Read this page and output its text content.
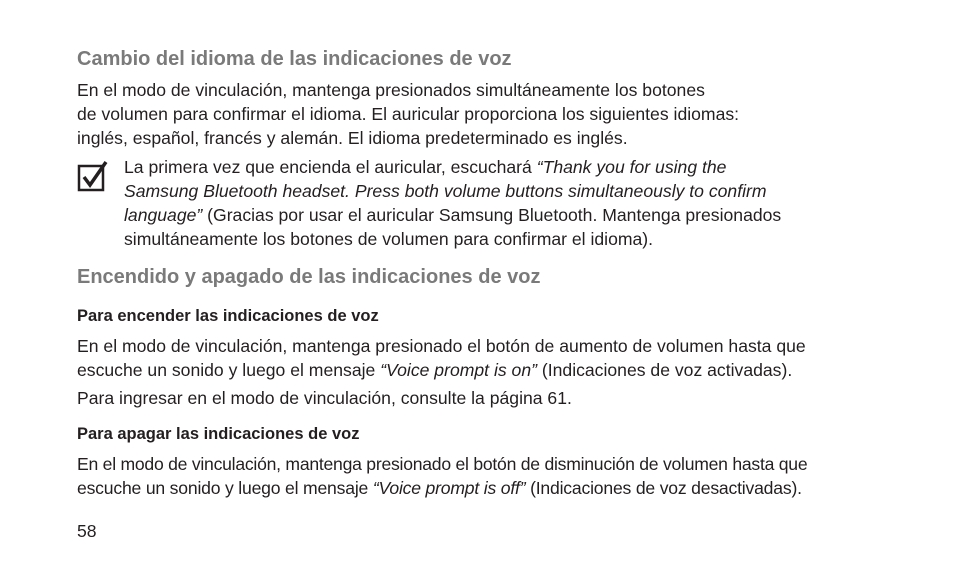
Cambio del idioma de las indicaciones de voz

En el modo de vinculación, mantenga presionados simultáneamente los botones

de volumen para confirmar el idioma. El auricular proporciona los siguientes idiomas:

inglés, español, francés y alemán. El idioma predeterminado es inglés.

La primera vez que encienda el auricular, escuchará “Thank you for using the

Samsung Bluetooth headset. Press both volume buttons simultaneously to confirm

language” (Gracias por usar el auricular Samsung Bluetooth. Mantenga presionados

simultáneamente los botones de volumen para confirmar el idioma).

Encendido y apagado de las indicaciones de voz
Para encender las indicaciones de voz

En el modo de vinculación, mantenga presionado el botón de aumento de volumen hasta que

escuche un sonido y luego el mensaje “Voice prompt is on” (Indicaciones de voz activadas).

Para ingresar en el modo de vinculación, consulte la página 61.

Para apagar las indicaciones de voz

En el modo de vinculación, mantenga presionado el botón de disminución de volumen hasta que

escuche un sonido y luego el mensaje “Voice prompt is off” (Indicaciones de voz desactivadas).

58
